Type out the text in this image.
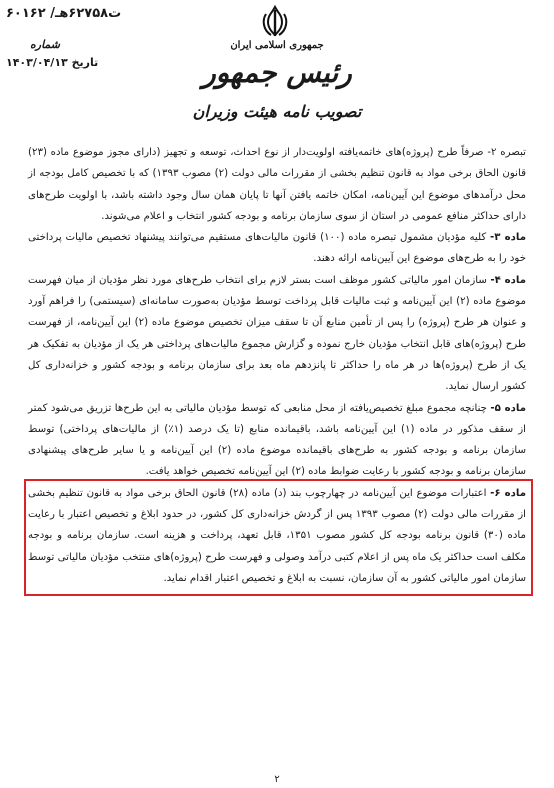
۶۰۱۶۲ /ت۶۲۷۵۸هـ
شماره
تاریخ ۱۴۰۳/۰۴/۱۳
جمهوری اسلامی ایران
رئیس جمهور
تصویب نامه هیئت وزیران

تبصره ۲- صرفاً طرح (پروژه)های خاتمه‌یافته اولویت‌دار از نوع احداث، توسعه و تجهیز (دارای مجوز موضوع ماده (۲۳) قانون الحاق برخی مواد به قانون تنظیم بخشی از مقررات مالی دولت (۲) مصوب ۱۳۹۳) که با تخصیص کامل بودجه از محل درآمدهای موضوع این آیین‌نامه، امکان خاتمه یافتن آنها تا پایان همان سال وجود داشته باشد، با اولویت طرح‌های دارای حداکثر منافع عمومی در استان از سوی سازمان برنامه و بودجه کشور انتخاب و اعلام می‌شوند.

ماده ۳- کلیه مؤدیان مشمول تبصره ماده (۱۰۰) قانون مالیات‌های مستقیم می‌توانند پیشنهاد تخصیص مالیات پرداختی خود را به طرح‌های موضوع این آیین‌نامه ارائه دهند.

ماده ۴- سازمان امور مالیاتی کشور موظف است بستر لازم برای انتخاب طرح‌های مورد نظر مؤدیان از میان فهرست موضوع ماده (۲) این آیین‌نامه و ثبت مالیات قابل پرداخت توسط مؤدیان به‌صورت سامانه‌ای (سیستمی) را فراهم آورد و عنوان هر طرح (پروژه) را پس از تأمین منابع آن تا سقف میزان تخصیص موضوع ماده (۲) این آیین‌نامه، از فهرست طرح (پروژه)های قابل انتخاب مؤدیان خارج نموده و گزارش مجموع مالیات‌های پرداختی هر یک از مؤدیان به تفکیک هر یک از طرح (پروژه)ها در هر ماه را حداکثر تا پانزدهم ماه بعد برای سازمان برنامه و بودجه کشور و خزانه‌داری کل کشور ارسال نماید.

ماده ۵- چنانچه مجموع مبلغ تخصیص‌یافته از محل منابعی که توسط مؤدیان مالیاتی به این طرح‌ها تزریق می‌شود کمتر از سقف مذکور در ماده (۱) این آیین‌نامه باشد، باقیمانده منابع (تا یک درصد (۱٪) از مالیات‌های پرداختی) توسط سازمان برنامه و بودجه کشور به طرح‌های باقیمانده موضوع ماده (۲) این آیین‌نامه و یا سایر طرح‌های پیشنهادی سازمان برنامه و بودجه کشور با رعایت ضوابط ماده (۲) این آیین‌نامه تخصیص خواهد یافت.

ماده ۶- اعتبارات موضوع این آیین‌نامه در چهارچوب بند (د) ماده (۲۸) قانون الحاق برخی مواد به قانون تنظیم بخشی از مقررات مالی دولت (۲) مصوب ۱۳۹۳ پس از گردش خزانه‌داری کل کشور، در حدود ابلاغ و تخصیص اعتبار با رعایت ماده (۳۰) قانون برنامه بودجه کل کشور مصوب ۱۳۵۱، قابل تعهد، پرداخت و هزینه است. سازمان برنامه و بودجه مکلف است حداکثر یک ماه پس از اعلام کتبی درآمد وصولی و فهرست طرح (پروژه)های منتخب مؤدیان مالیاتی توسط سازمان امور مالیاتی کشور به آن سازمان، نسبت به ابلاغ و تخصیص اعتبار اقدام نماید.

۲
